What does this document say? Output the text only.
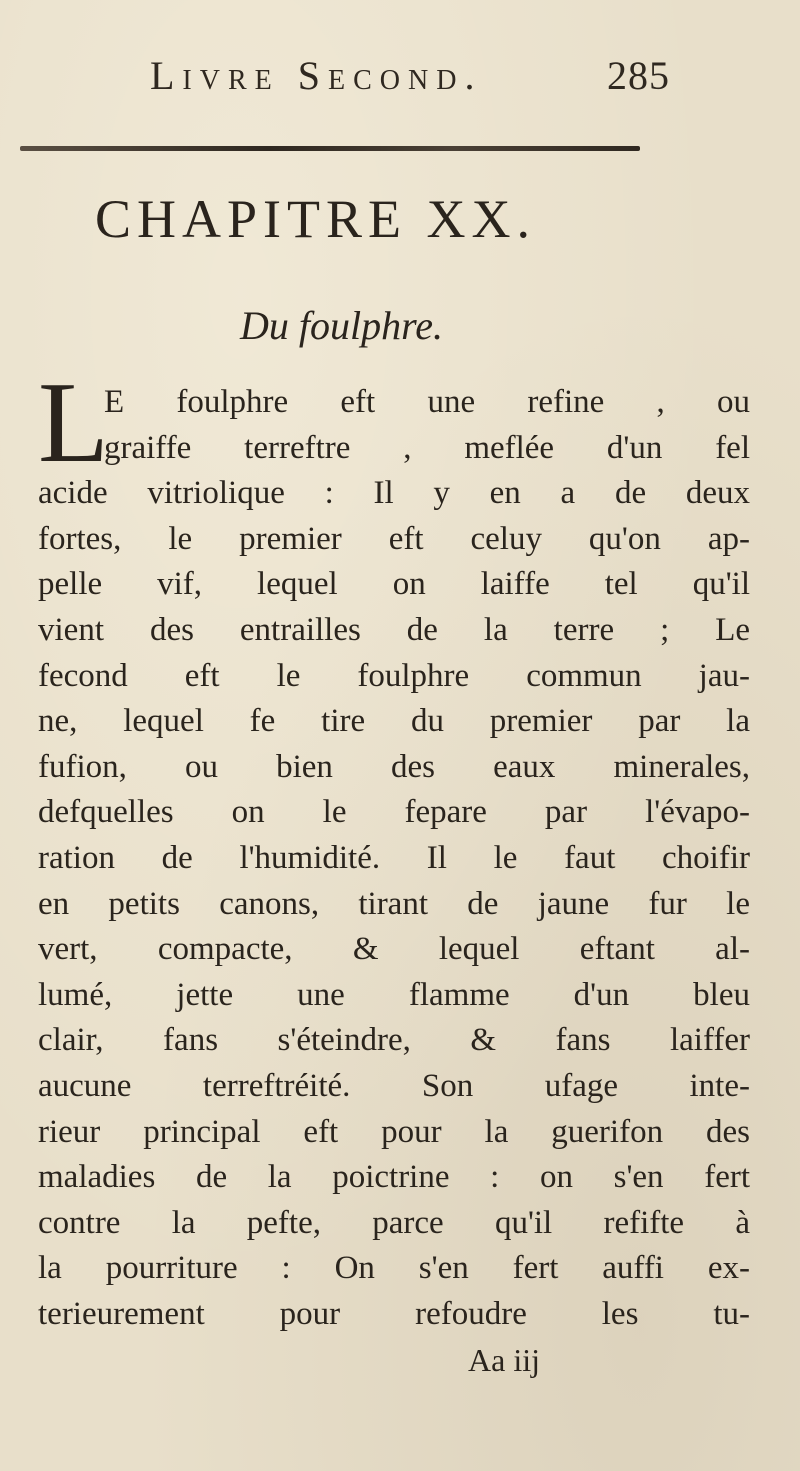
Livre Second.	285
CHAPITRE XX.
Du foulphre.
L
E foulphre eft une refine , ou
graiffe terreftre , meflée d'un fel
acide vitriolique : Il y en a de deux
fortes, le premier eft celuy qu'on ap-
pelle vif, lequel on laiffe tel qu'il
vient des entrailles de la terre ; Le
fecond eft le foulphre commun jau-
ne, lequel fe tire du premier par la
fufion, ou bien des eaux minerales,
defquelles on le fepare par l'évapo-
ration de l'humidité. Il le faut choifir
en petits canons, tirant de jaune fur le
vert, compacte, & lequel eftant al-
lumé, jette une flamme d'un bleu
clair, fans s'éteindre, & fans laiffer
aucune terreftréité. Son ufage inte-
rieur principal eft pour la guerifon des
maladies de la poictrine : on s'en fert
contre la pefte, parce qu'il refifte à
la pourriture : On s'en fert auffi ex-
terieurement pour refoudre les tu-
Aa iij
